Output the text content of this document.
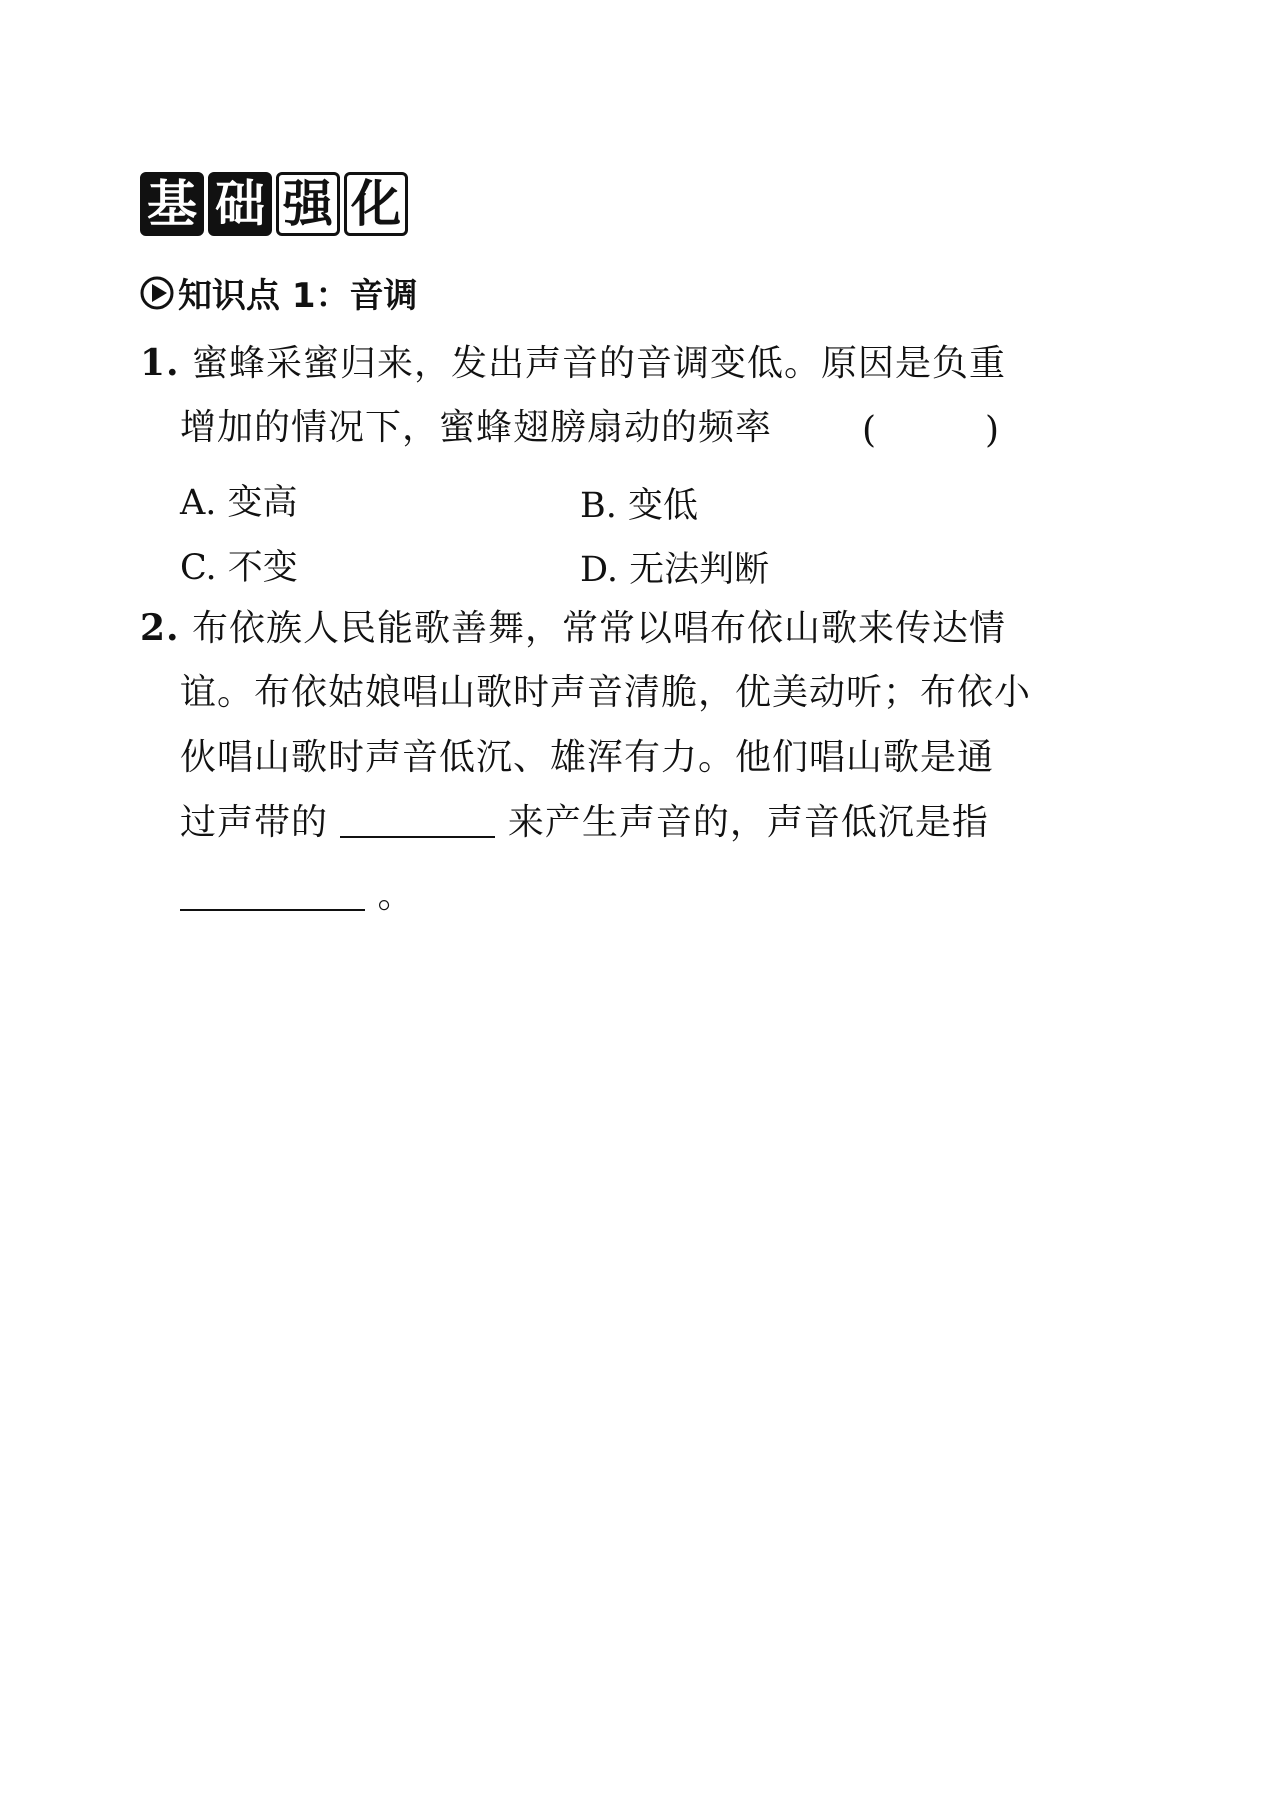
基 础 强 化
知识点 1：音调
1. 蜜蜂采蜜归来，发出声音的音调变低。原因是负重
增加的情况下，蜜蜂翅膀扇动的频率 (	)
A. 变高	B. 变低
C. 不变	D. 无法判断
2. 布依族人民能歌善舞，常常以唱布依山歌来传达情
谊。布依姑娘唱山歌时声音清脆，优美动听；布依小
伙唱山歌时声音低沉、雄浑有力。他们唱山歌是通
过声带的	来产生声音的，声音低沉是指
。
